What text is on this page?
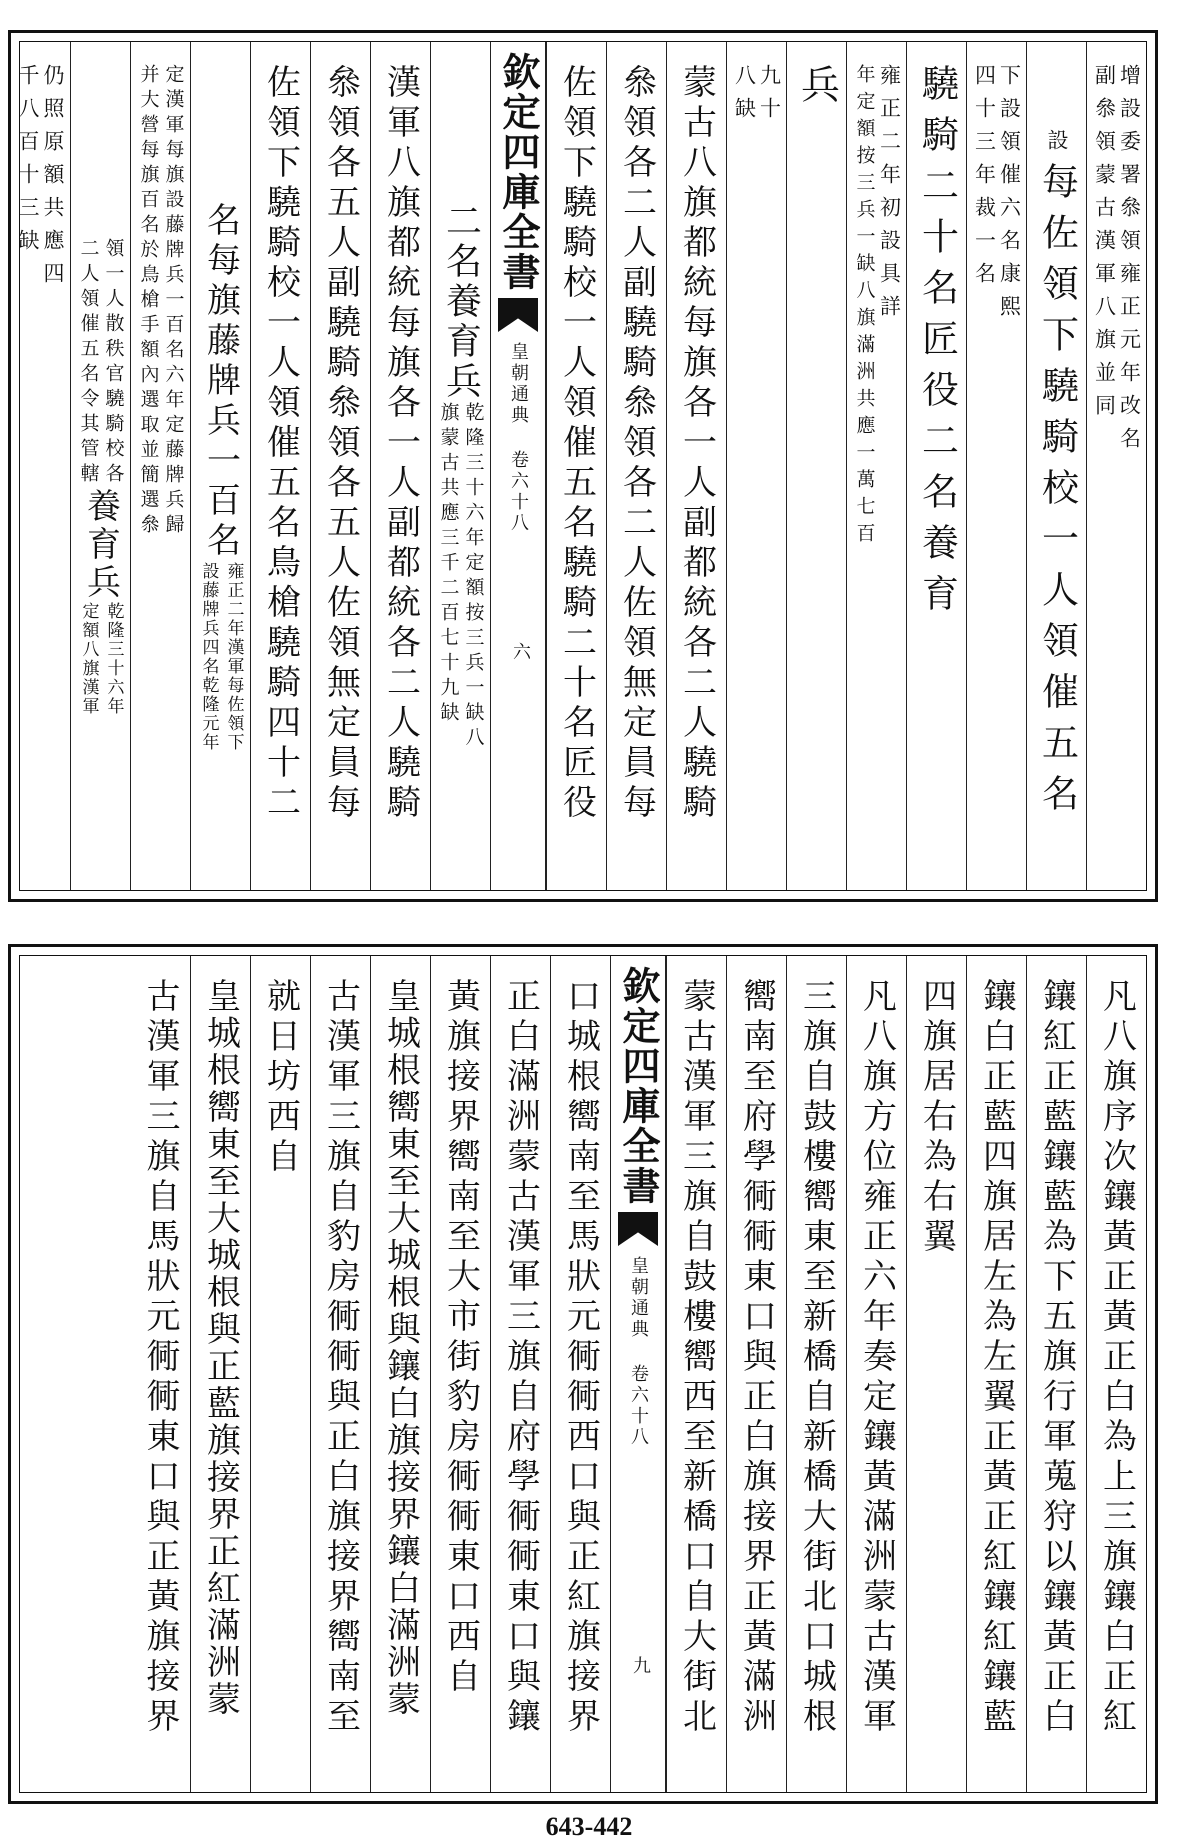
增設委署叅領雍正元年改名
副叅領蒙古漢軍八旗並同
設
每佐領下驍騎校一人領催五名
下設領催六名康熙
四十三年裁一名
驍騎二十名匠役二名養育
雍正二年初設具詳
年定額按三兵一缺八旗滿洲共應一萬七百
兵
九十
八缺
蒙古八旗都統每旗各一人副都統各二人驍騎
叅領各二人副驍騎叅領各二人佐領無定員每
佐領下驍騎校一人領催五名驍騎二十名匠役
欽定四庫全書
皇朝通典 卷六十八
六
二名養育兵
乾隆三十六年定額按三兵一缺八
旗蒙古共應三千二百七十九缺
漢軍八旗都統每旗各一人副都統各二人驍騎
叅領各五人副驍騎叅領各五人佐領無定員每
佐領下驍騎校一人領催五名鳥槍驍騎四十二
名每旗藤牌兵一百名
雍正二年漢軍每佐領下
設藤牌兵四名乾隆元年
定漢軍每旗設藤牌兵一百名六年定藤牌兵歸
并大營每旗百名於鳥槍手額內選取並簡選叅
領一人散秩官驍騎校各
二人領催五名令其管轄
養育兵
乾隆三十六年
定額八旗漢軍
仍照原額共應四
千八百十三缺
凡八旗序次鑲黃正黃正白為上三旗鑲白正紅
鑲紅正藍鑲藍為下五旗行軍蒐狩以鑲黃正白
鑲白正藍四旗居左為左翼正黃正紅鑲紅鑲藍
四旗居右為右翼
凡八旗方位雍正六年奏定鑲黃滿洲蒙古漢軍
三旗自鼓樓嚮東至新橋自新橋大街北口城根
嚮南至府學衕衕東口與正白旗接界正黃滿洲
蒙古漢軍三旗自鼓樓嚮西至新橋口自大街北
欽定四庫全書
皇朝通典 卷六十八
九
口城根嚮南至馬狀元衕衕西口與正紅旗接界
正白滿洲蒙古漢軍三旗自府學衕衕東口與鑲
黃旗接界嚮南至大市街豹房衕衕東口西自
皇城根嚮東至大城根與鑲白旗接界鑲白滿洲蒙
古漢軍三旗自豹房衕衕與正白旗接界嚮南至
就日坊西自
皇城根嚮東至大城根與正藍旗接界正紅滿洲蒙
古漢軍三旗自馬狀元衕衕東口與正黃旗接界
643-442
